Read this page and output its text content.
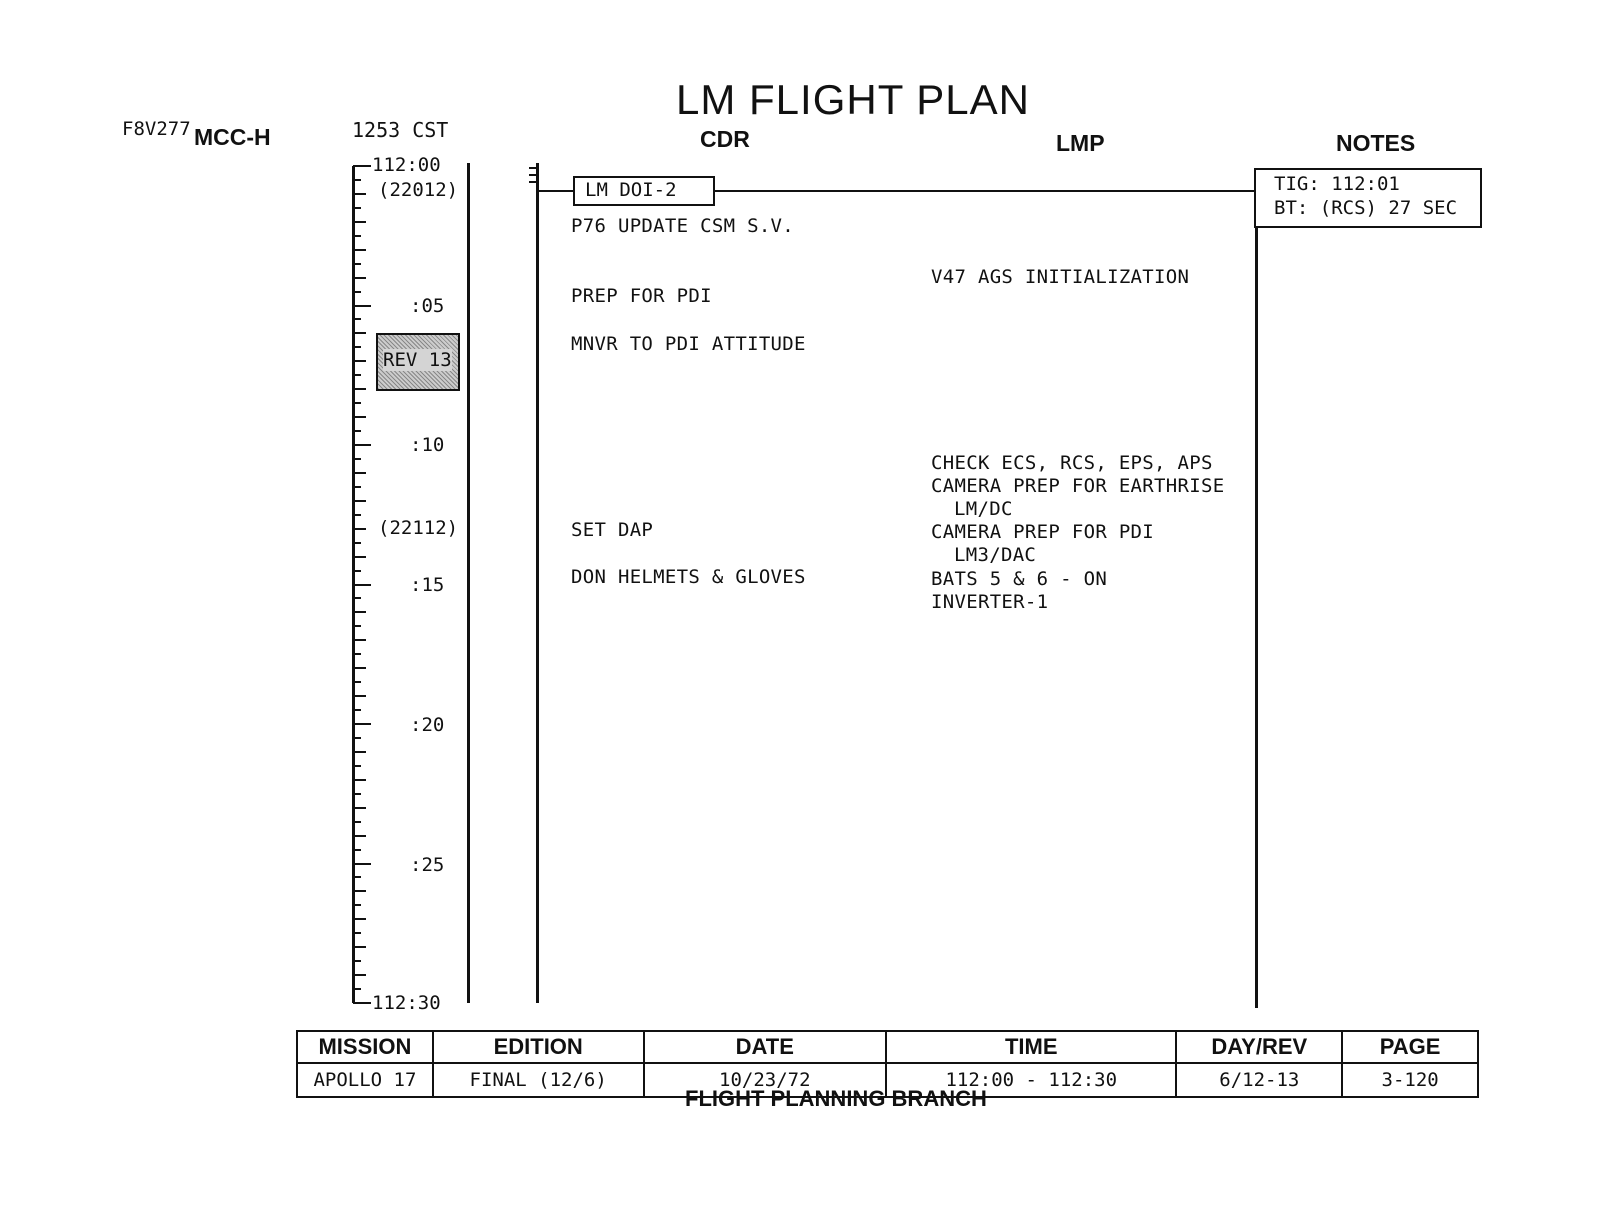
LM FLIGHT PLAN
F8V277 MCC-H	1253 CST	CDR	LMP	NOTES
112:00
(22012)
:05
REV 13
:10
(22112)
:15
:20
:25
112:30
LM DOI-2	TIG: 112:01
BT: (RCS) 27 SEC
P76 UPDATE CSM S.V.
PREP FOR PDI
MNVR TO PDI ATTITUDE
SET DAP
DON HELMETS & GLOVES
V47 AGS INITIALIZATION
CHECK ECS, RCS, EPS, APS
CAMERA PREP FOR EARTHRISE
LM/DC
CAMERA PREP FOR PDI
LM3/DAC
BATS 5 & 6 - ON
INVERTER-1
MISSION	EDITION	DATE	TIME	DAY/REV	PAGE
APOLLO 17	FINAL (12/6)	10/23/72	112:00 - 112:30	6/12-13	3-120
FLIGHT PLANNING BRANCH
